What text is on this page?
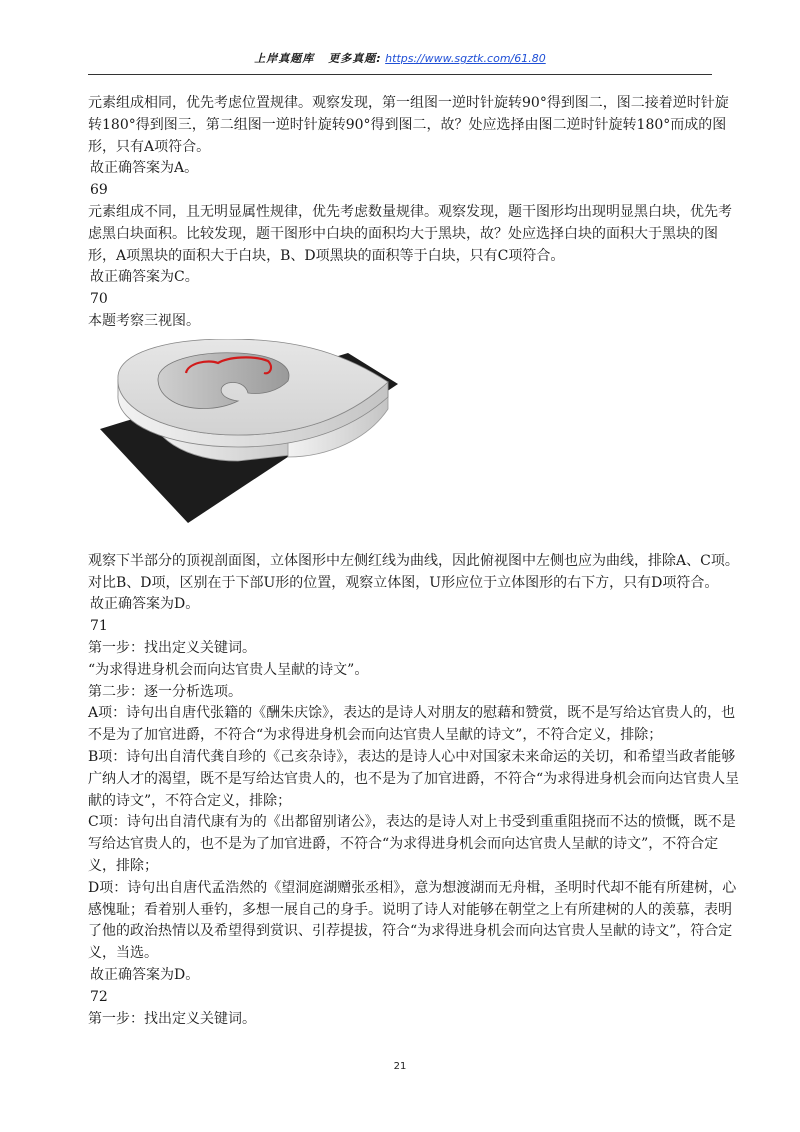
上岸真题库 更多真题: https://www.sgztk.com/61.80

元素组成相同，优先考虑位置规律。观察发现，第一组图一逆时针旋转90°得到图二，图二接着逆时针旋转180°得到图三，第二组图一逆时针旋转90°得到图二，故？处应选择由图二逆时针旋转180°而成的图形，只有A项符合。

故正确答案为A。

69

元素组成不同，且无明显属性规律，优先考虑数量规律。观察发现，题干图形均出现明显黑白块，优先考虑黑白块面积。比较发现，题干图形中白块的面积均大于黑块，故？处应选择白块的面积大于黑块的图形，A项黑块的面积大于白块，B、D项黑块的面积等于白块，只有C项符合。

故正确答案为C。

70

本题考察三视图。

观察下半部分的顶视剖面图，立体图形中左侧红线为曲线，因此俯视图中左侧也应为曲线，排除A、C项。对比B、D项，区别在于下部U形的位置，观察立体图，U形应位于立体图形的右下方，只有D项符合。

故正确答案为D。

71

第一步：找出定义关键词。

“为求得进身机会而向达官贵人呈献的诗文”。

第二步：逐一分析选项。

A项：诗句出自唐代张籍的《酬朱庆馀》，表达的是诗人对朋友的慰藉和赞赏，既不是写给达官贵人的，也不是为了加官进爵，不符合“为求得进身机会而向达官贵人呈献的诗文”，不符合定义，排除；

B项：诗句出自清代龚自珍的《己亥杂诗》，表达的是诗人心中对国家未来命运的关切，和希望当政者能够广纳人才的渴望，既不是写给达官贵人的，也不是为了加官进爵，不符合“为求得进身机会而向达官贵人呈献的诗文”，不符合定义，排除；

C项：诗句出自清代康有为的《出都留别诸公》，表达的是诗人对上书受到重重阻挠而不达的愤慨，既不是写给达官贵人的，也不是为了加官进爵，不符合“为求得进身机会而向达官贵人呈献的诗文”，不符合定义，排除；

D项：诗句出自唐代孟浩然的《望洞庭湖赠张丞相》，意为想渡湖而无舟楫，圣明时代却不能有所建树，心感愧耻；看着别人垂钓，多想一展自己的身手。说明了诗人对能够在朝堂之上有所建树的人的羡慕，表明了他的政治热情以及希望得到赏识、引荐提拔，符合“为求得进身机会而向达官贵人呈献的诗文”，符合定义，当选。

故正确答案为D。

72

第一步：找出定义关键词。

21
